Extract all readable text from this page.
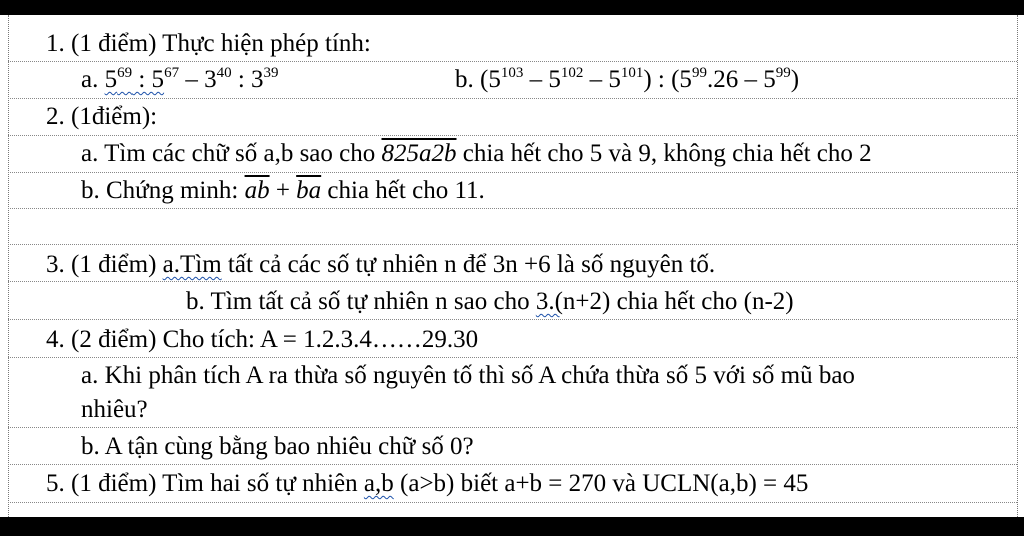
1. (1 điểm) Thực hiện phép tính:
a. $5^{69}$ : $5^{67} - 3^{40}$ : $3^{39}$	b. $(5^{103} - 5^{102} - 5^{101})$ : $(5^{99}.26 - 5^{99})$
2. (1điểm):
a. Tìm các chữ số a,b sao cho 825a2b chia hết cho 5 và 9, không chia hết cho 2
b. Chứng minh: $\overline{ab} + \overline{ba}$ chia hết cho 11.
3. (1 điểm) a.Tìm tất cả các số tự nhiên n để 3n +6 là số nguyên tố.
b. Tìm tất cả số tự nhiên n sao cho 3.(n+2) chia hết cho (n-2)
4. (2 điểm) Cho tích: A = 1.2.3.4……29.30
a. Khi phân tích A ra thừa số nguyên tố thì số A chứa thừa số 5 với số mũ bao
nhiêu?
b. A tận cùng bằng bao nhiêu chữ số 0?
5. (1 điểm) Tìm hai số tự nhiên a,b (a>b) biết a+b = 270 và UCLN(a,b) = 45
